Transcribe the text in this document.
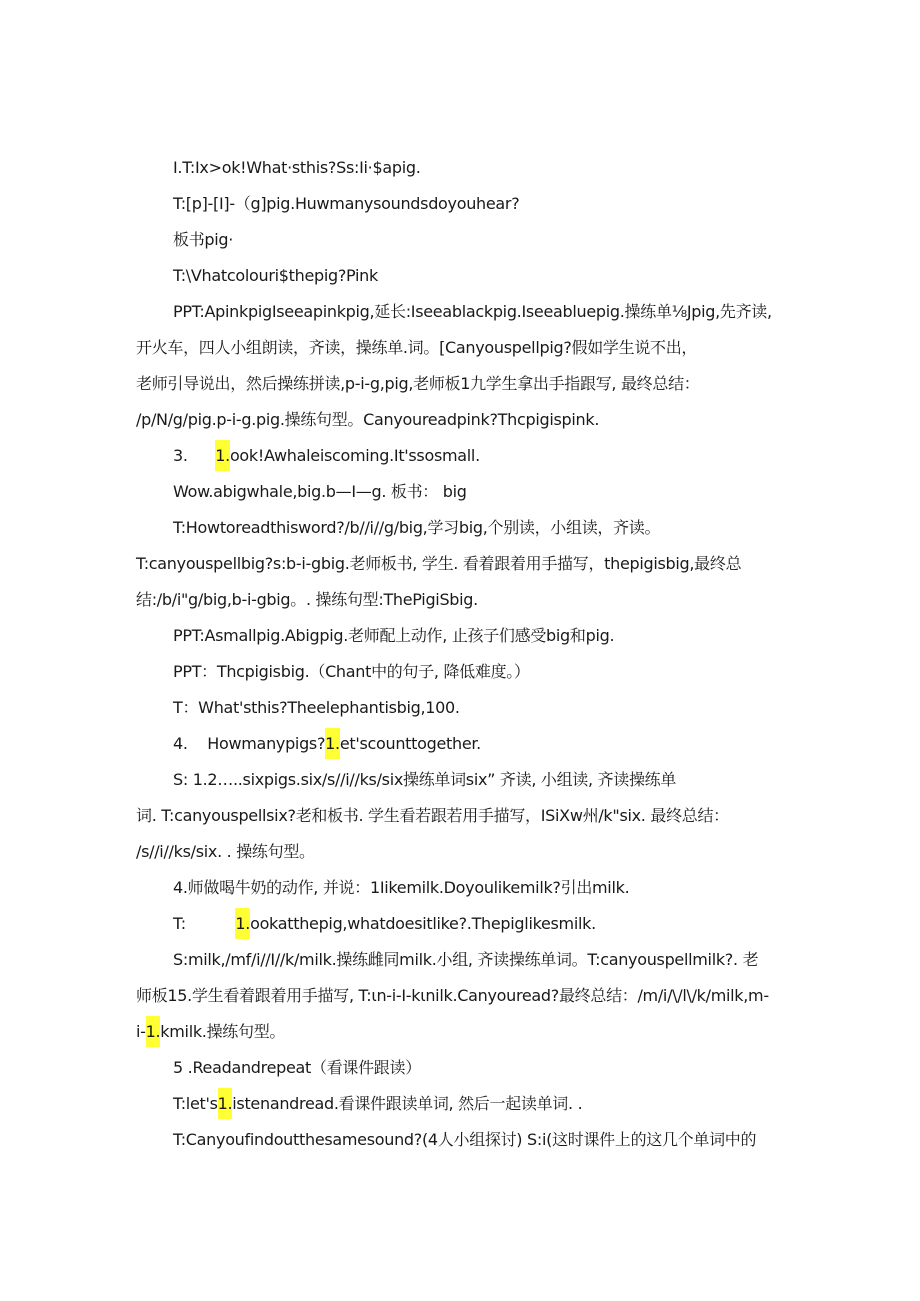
I.T:Ix>ok!What·sthis?Ss:Ii·$apig.
T:[p]-[I]-（g]pig.Huwmanysoundsdoyouhear?
板书pig·
T:\Vhatcolouri$thepig?Pink
PPT:ApinkpigIseeapinkpig,延长:Iseeablackpig.Iseeabluepig.操练单⅛Jpig,先齐读,
开火车，四人小组朗读，齐读，操练单.词。[Canyouspellpig?假如学生说不出，
老师引导说出，然后操练拼读,p-i-g,pig,老师板1九学生拿出手指跟写, 最终总结：
/p/N/g/pig.p-i-g.pig.操练句型。Canyoureadpink?Thcpigispink.
3. 1.ook!Awhaleiscoming.It'ssosmall.
Wow.abigwhale,big.b—I—g. 板书： big
T:Howtoreadthisword?/b//i//g/big,学习big,个别读，小组读，齐读。
T:canyouspellbig?s:b-i-gbig.老师板书, 学生. 看着跟着用手描写，thepigisbig,最终总
结:/b/i"g/big,b-i-gbig。. 操练句型:ThePigiSbig.
PPT:Asmallpig.Abigpig.老师配上动作, 止孩子们感受big和pig.
PPT：Thcpigisbig.（Chant中的句子, 降低难度。）
T：What'sthis?Theelephantisbig,100.
4. Howmanypigs?1.et'scounttogether.
S: 1.2…..sixpigs.six/s//i//ks/six操练单词six” 齐读, 小组读, 齐读操练单
词. T:canyouspellsix?老和板书. 学生看若跟若用手描写，ISiXw州/k"six. 最终总结：
/s//i//ks/six. . 操练句型。
4.师做喝牛奶的动作, 并说：1Iikemilk.Doyoulikemilk?引出milk.
T:	1.ookatthepig,whatdoesitlike?.Thepiglikesmilk.
S:milk,/mf/i//I//k/milk.操练雌同milk.小组, 齐读操练单词。T:canyouspellmilk?. 老
师板15.学生看着跟着用手描写, T:ιn-i-I-kιnilk.Canyouread?最终总结：/m/i/\/l\/k/milk,m-
i-1.kmilk.操练句型。
5 .Readandrepeat（看课件跟读）
T:let's1.istenandread.看课件跟读单词, 然后一起读单词. .
T:Canyoufindoutthesamesound?(4人小组探讨) S:i(这时课件上的这几个单词中的
